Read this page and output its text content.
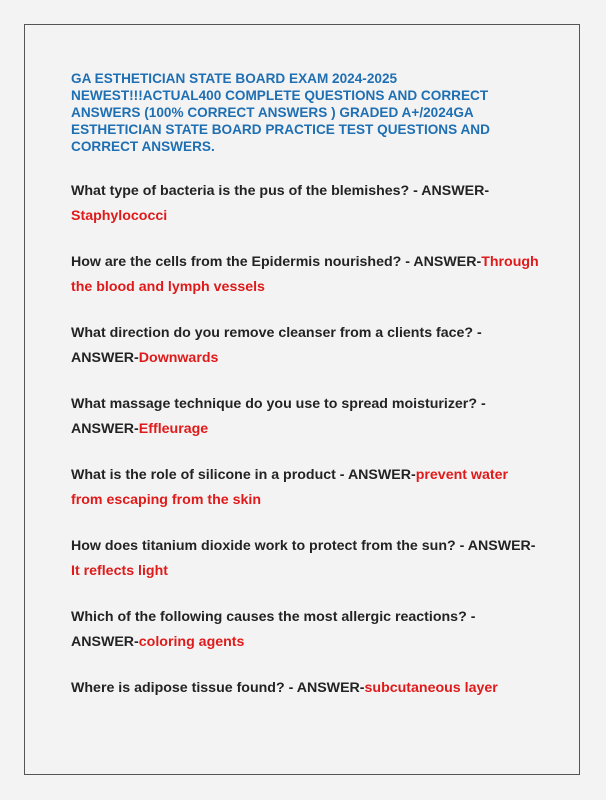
GA ESTHETICIAN STATE BOARD EXAM 2024-2025 NEWEST!!!ACTUAL400 COMPLETE QUESTIONS AND CORRECT ANSWERS (100% CORRECT ANSWERS ) GRADED A+/2024GA ESTHETICIAN STATE BOARD PRACTICE TEST QUESTIONS AND CORRECT ANSWERS.

What type of bacteria is the pus of the blemishes? - ANSWER-Staphylococci

How are the cells from the Epidermis nourished? - ANSWER-Through the blood and lymph vessels

What direction do you remove cleanser from a clients face? - ANSWER-Downwards

What massage technique do you use to spread moisturizer? - ANSWER-Effleurage

What is the role of silicone in a product - ANSWER-prevent water from escaping from the skin

How does titanium dioxide work to protect from the sun? - ANSWER-It reflects light

Which of the following causes the most allergic reactions? - ANSWER-coloring agents

Where is adipose tissue found? - ANSWER-subcutaneous layer
